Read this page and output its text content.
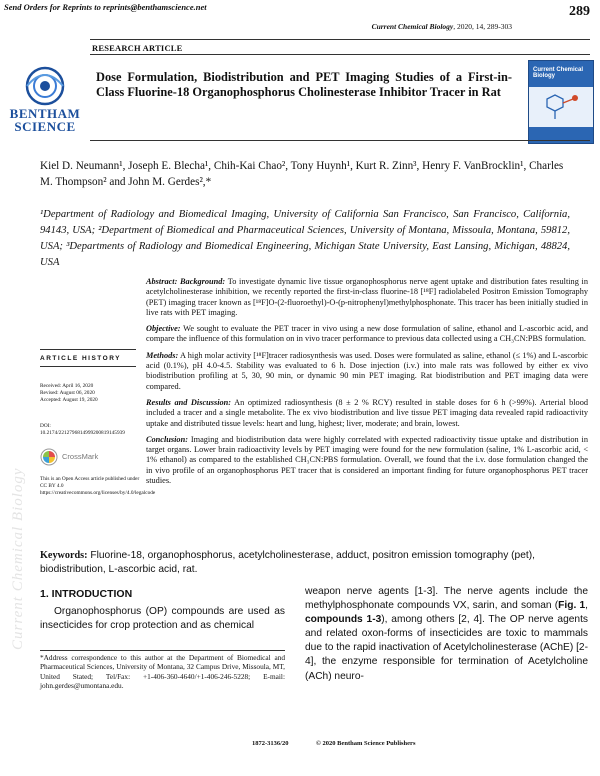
Send Orders for Reprints to reprints@benthamscience.net	289
Current Chemical Biology, 2020, 14, 289-303
RESEARCH ARTICLE
BENTHAM
SCIENCE
Current Chemical Biology
Dose Formulation, Biodistribution and PET Imaging Studies of a First-in-Class Fluorine-18 Organophosphorus Cholinesterase Inhibitor Tracer in Rat
Kiel D. Neumann¹, Joseph E. Blecha¹, Chih-Kai Chao², Tony Huynh¹, Kurt R. Zinn³, Henry F. VanBrocklin¹, Charles M. Thompson² and John M. Gerdes²,*
¹Department of Radiology and Biomedical Imaging, University of California San Francisco, San Francisco, California, 94143, USA; ²Department of Biomedical and Pharmaceutical Sciences, University of Montana, Missoula, Montana, 59812, USA; ³Departments of Radiology and Biomedical Engineering, Michigan State University, East Lansing, Michigan, 48824, USA

Abstract: Background: To investigate dynamic live tissue organophosphorus nerve agent uptake and distribution fates resulting in acetylcholinesterase inhibition, we recently reported the first-in-class fluorine-18 [¹⁸F] radiolabeled Positron Emission Tomography (PET) imaging tracer known as [¹⁸F]O-(2-fluoroethyl)-O-(p-nitrophenyl)methylphosphonate. This tracer has been initially studied in live rats with PET imaging.

Objective: We sought to evaluate the PET tracer in vivo using a new dose formulation of saline, ethanol and L-ascorbic acid, and compare the influence of this formulation on in vivo tracer performance to previous data collected using a CH₃CN:PBS formulation.

Methods: A high molar activity [¹⁸F]tracer radiosynthesis was used. Doses were formulated as saline, ethanol (≤ 1%) and L-ascorbic acid (0.1%), pH 4.0-4.5. Stability was evaluated to 6 h. Dose injection (i.v.) into male rats was followed by either ex vivo biodistribution profiling at 5, 30, 90 min, or dynamic 90 min PET imaging. Rat biodistribution and PET imaging data were compared.

Results and Discussion: An optimized radiosynthesis (8 ± 2 % RCY) resulted in stable doses for 6 h (>99%). Arterial blood included a tracer and a single metabolite. The ex vivo biodistribution and live tissue PET imaging data revealed rapid radioactivity uptake and distributed tissue levels: heart and lung, highest; liver, moderate; and brain, lowest.

Conclusion: Imaging and biodistribution data were highly correlated with expected radioactivity tissue uptake and distribution in target organs. Lower brain radioactivity levels by PET imaging were found for the new formulation (saline, 1% L-ascorbic acid, < 1% ethanol) as compared to the established CH₃CN:PBS formulation. Overall, we found that the i.v. dose formulation changed the in vivo profile of an organophosphorus PET tracer that is considered an important finding for future organophosphorus PET tracer studies.

ARTICLE HISTORY
Received: April 16, 2020
Revised: August 06, 2020
Accepted: August 19, 2020
DOI:
10.2174/2212796814999200819145939
CrossMark
This is an Open Access article published under CC BY 4.0 https://creativecommons.org/licenses/by/4.0/legalcode
Keywords: Fluorine-18, organophosphorus, acetylcholinesterase, adduct, positron emission tomography (pet), biodistribution, L-ascorbic acid, rat.
1. INTRODUCTION
Organophosphorus (OP) compounds are used as insecticides for crop protection and as chemical
weapon nerve agents [1-3]. The nerve agents include the methylphosphonate compounds VX, sarin, and soman (Fig. 1, compounds 1-3), among others [2, 4]. The OP nerve agents and related oxon-forms of insecticides are toxic to mammals due to the rapid inactivation of Acetylcholinesterase (AChE) [2-4], the enzyme responsible for termination of Acetylcholine (ACh) neuro-
*Address correspondence to this author at the Department of Biomedical and Pharmaceutical Sciences, University of Montana, 32 Campus Drive, Missoula, MT, United Stated; Tel/Fax: +1-406-360-4640/+1-406-246-5228; E-mail: john.gerdes@umontana.edu.
1872-3136/20	© 2020 Bentham Science Publishers
Current Chemical Biology
